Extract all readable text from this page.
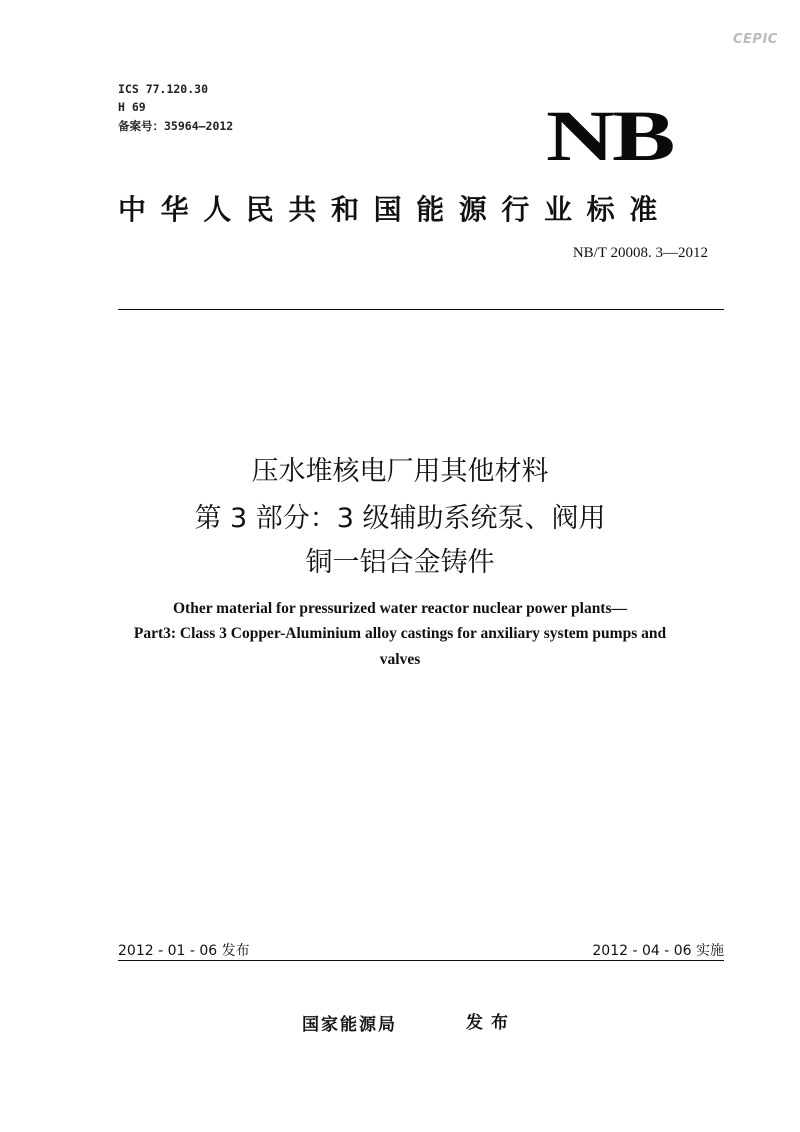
CEPIC
ICS 77.120.30
H 69
备案号：35964—2012	NB
中华人民共和国能源行业标准
NB/T 20008. 3—2012
压水堆核电厂用其他材料
第 3 部分：3 级辅助系统泵、阀用
铜一铝合金铸件
Other material for pressurized water reactor nuclear power plants—
Part3: Class 3 Copper-Aluminium alloy castings for anxiliary system pumps and
valves
2012 - 01 - 06 发布	2012 - 04 - 06 实施
国家能源局	发布
